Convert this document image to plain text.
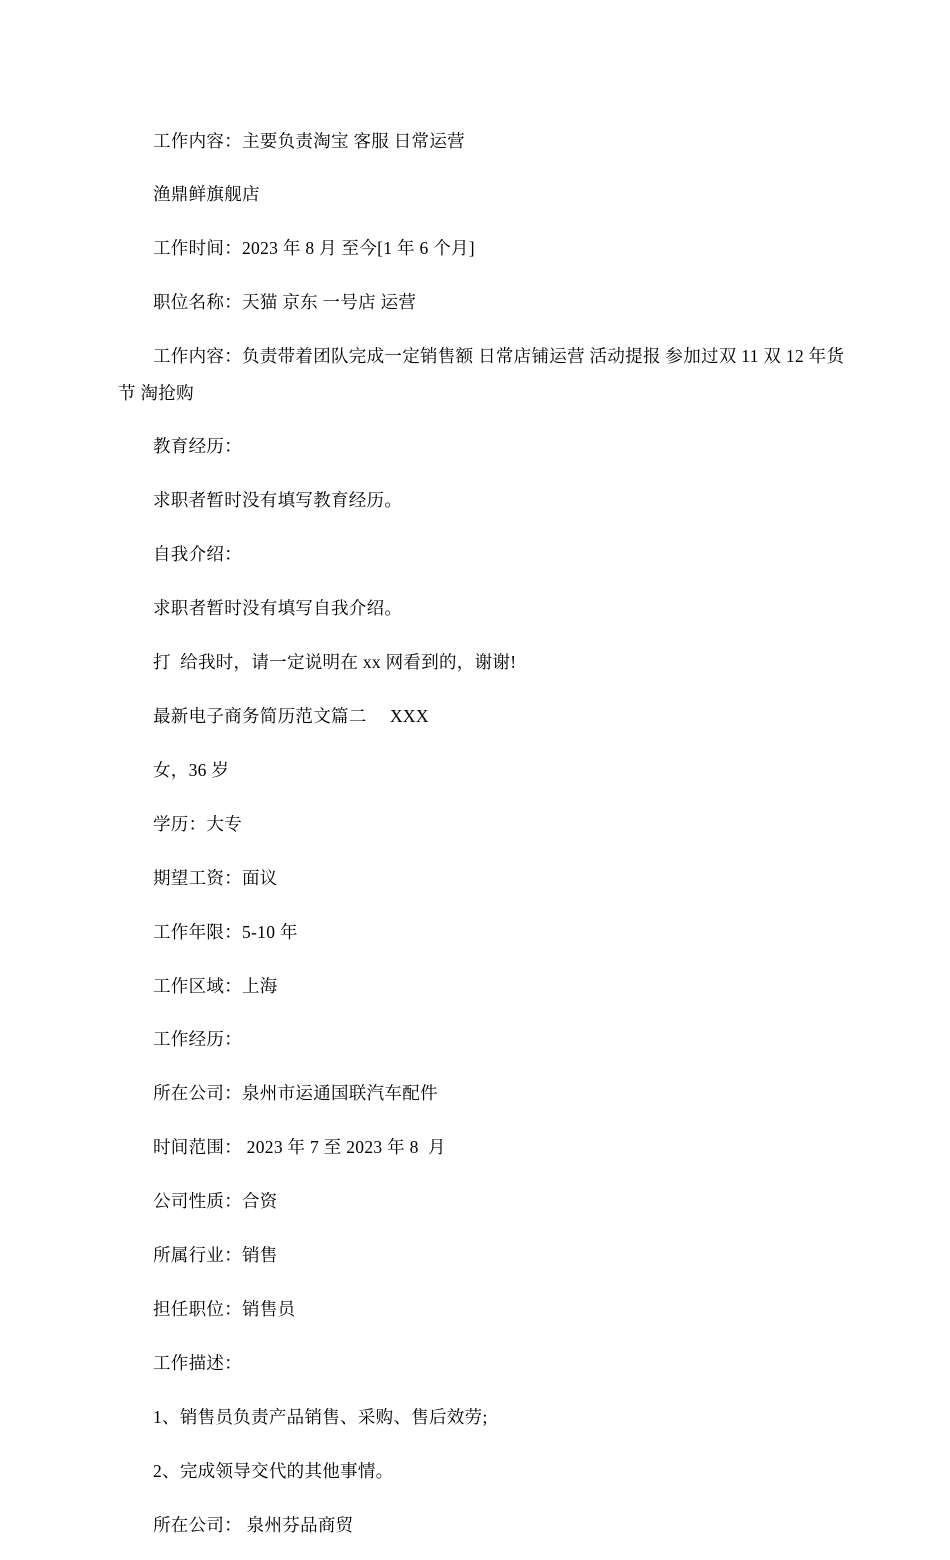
工作内容：主要负责淘宝 客服 日常运营

渔鼎鲜旗舰店

工作时间：2023 年 8 月 至今[1 年 6 个月]

职位名称：天猫 京东 一号店 运营

工作内容：负责带着团队完成一定销售额 日常店铺运营 活动提报 参加过双 11 双 12 年货节 淘抢购

教育经历：

求职者暂时没有填写教育经历。

自我介绍：

求职者暂时没有填写自我介绍。

打  给我时，请一定说明在 xx 网看到的，谢谢!

最新电子商务简历范文篇二     XXX

女，36 岁

学历：大专

期望工资：面议

工作年限：5-10 年

工作区域：上海

工作经历：

所在公司：泉州市运通国联汽车配件

时间范围： 2023 年 7 至 2023 年 8  月

公司性质：合资

所属行业：销售

担任职位：销售员

工作描述：

1、销售员负责产品销售、采购、售后效劳;

2、完成领导交代的其他事情。

所在公司： 泉州芬品商贸
